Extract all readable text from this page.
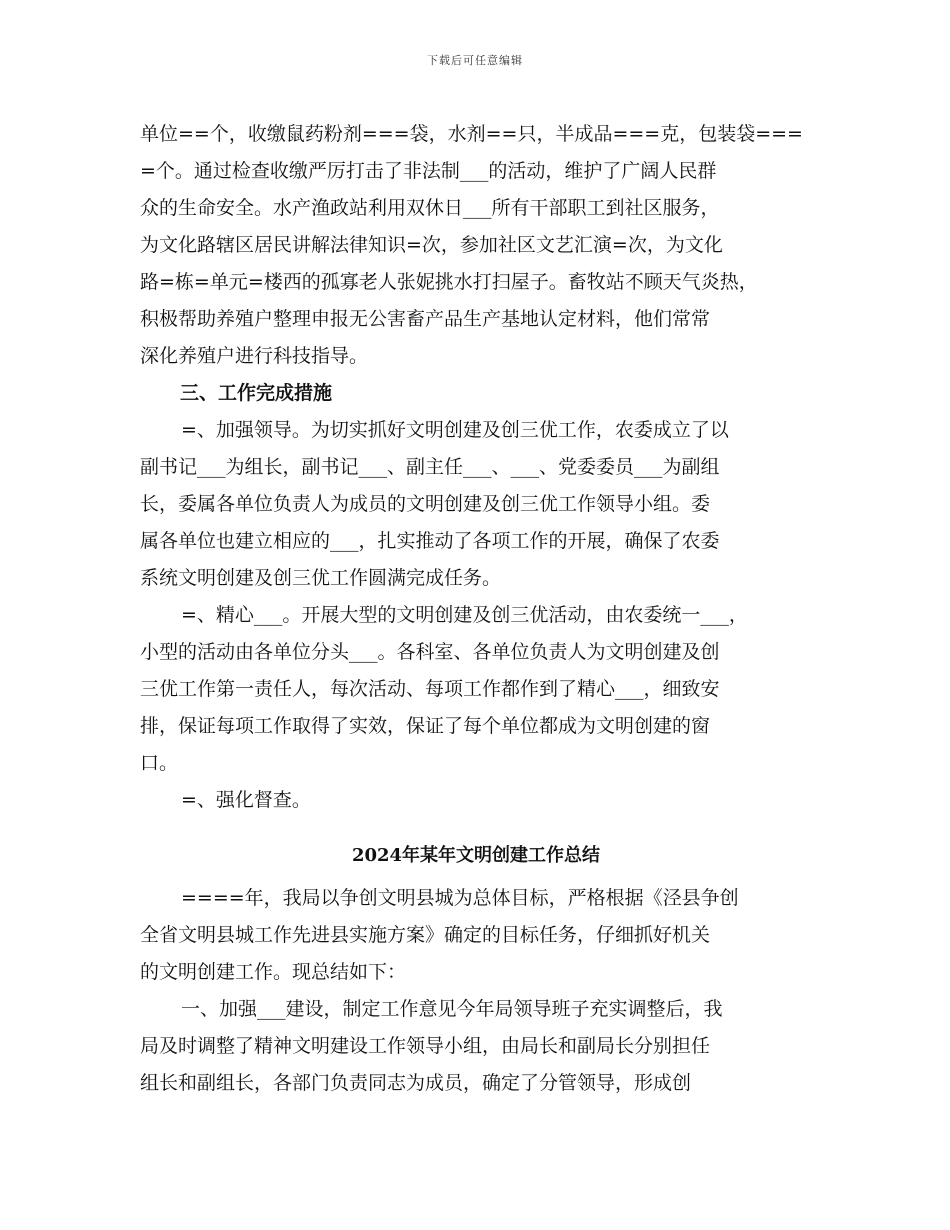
下载后可任意编辑
单位==个，收缴鼠药粉剂===袋，水剂==只，半成品===克，包装袋===
=个。通过检查收缴严厉打击了非法制___的活动，维护了广阔人民群
众的生命安全。水产渔政站利用双休日___所有干部职工到社区服务，
为文化路辖区居民讲解法律知识=次，参加社区文艺汇演=次，为文化
路=栋=单元=楼西的孤寡老人张妮挑水打扫屋子。畜牧站不顾天气炎热，
积极帮助养殖户整理申报无公害畜产品生产基地认定材料，他们常常
深化养殖户进行科技指导。
三、工作完成措施
=、加强领导。为切实抓好文明创建及创三优工作，农委成立了以
副书记___为组长，副书记___、副主任___、___、党委委员___为副组
长，委属各单位负责人为成员的文明创建及创三优工作领导小组。委
属各单位也建立相应的___，扎实推动了各项工作的开展，确保了农委
系统文明创建及创三优工作圆满完成任务。
=、精心___。开展大型的文明创建及创三优活动，由农委统一___，
小型的活动由各单位分头___。各科室、各单位负责人为文明创建及创
三优工作第一责任人，每次活动、每项工作都作到了精心___，细致安
排，保证每项工作取得了实效，保证了每个单位都成为文明创建的窗
口。
=、强化督查。
2024年某年文明创建工作总结
====年，我局以争创文明县城为总体目标，严格根据《泾县争创
全省文明县城工作先进县实施方案》确定的目标任务，仔细抓好机关
的文明创建工作。现总结如下：
一、加强___建设，制定工作意见今年局领导班子充实调整后，我
局及时调整了精神文明建设工作领导小组，由局长和副局长分别担任
组长和副组长，各部门负责同志为成员，确定了分管领导，形成创
